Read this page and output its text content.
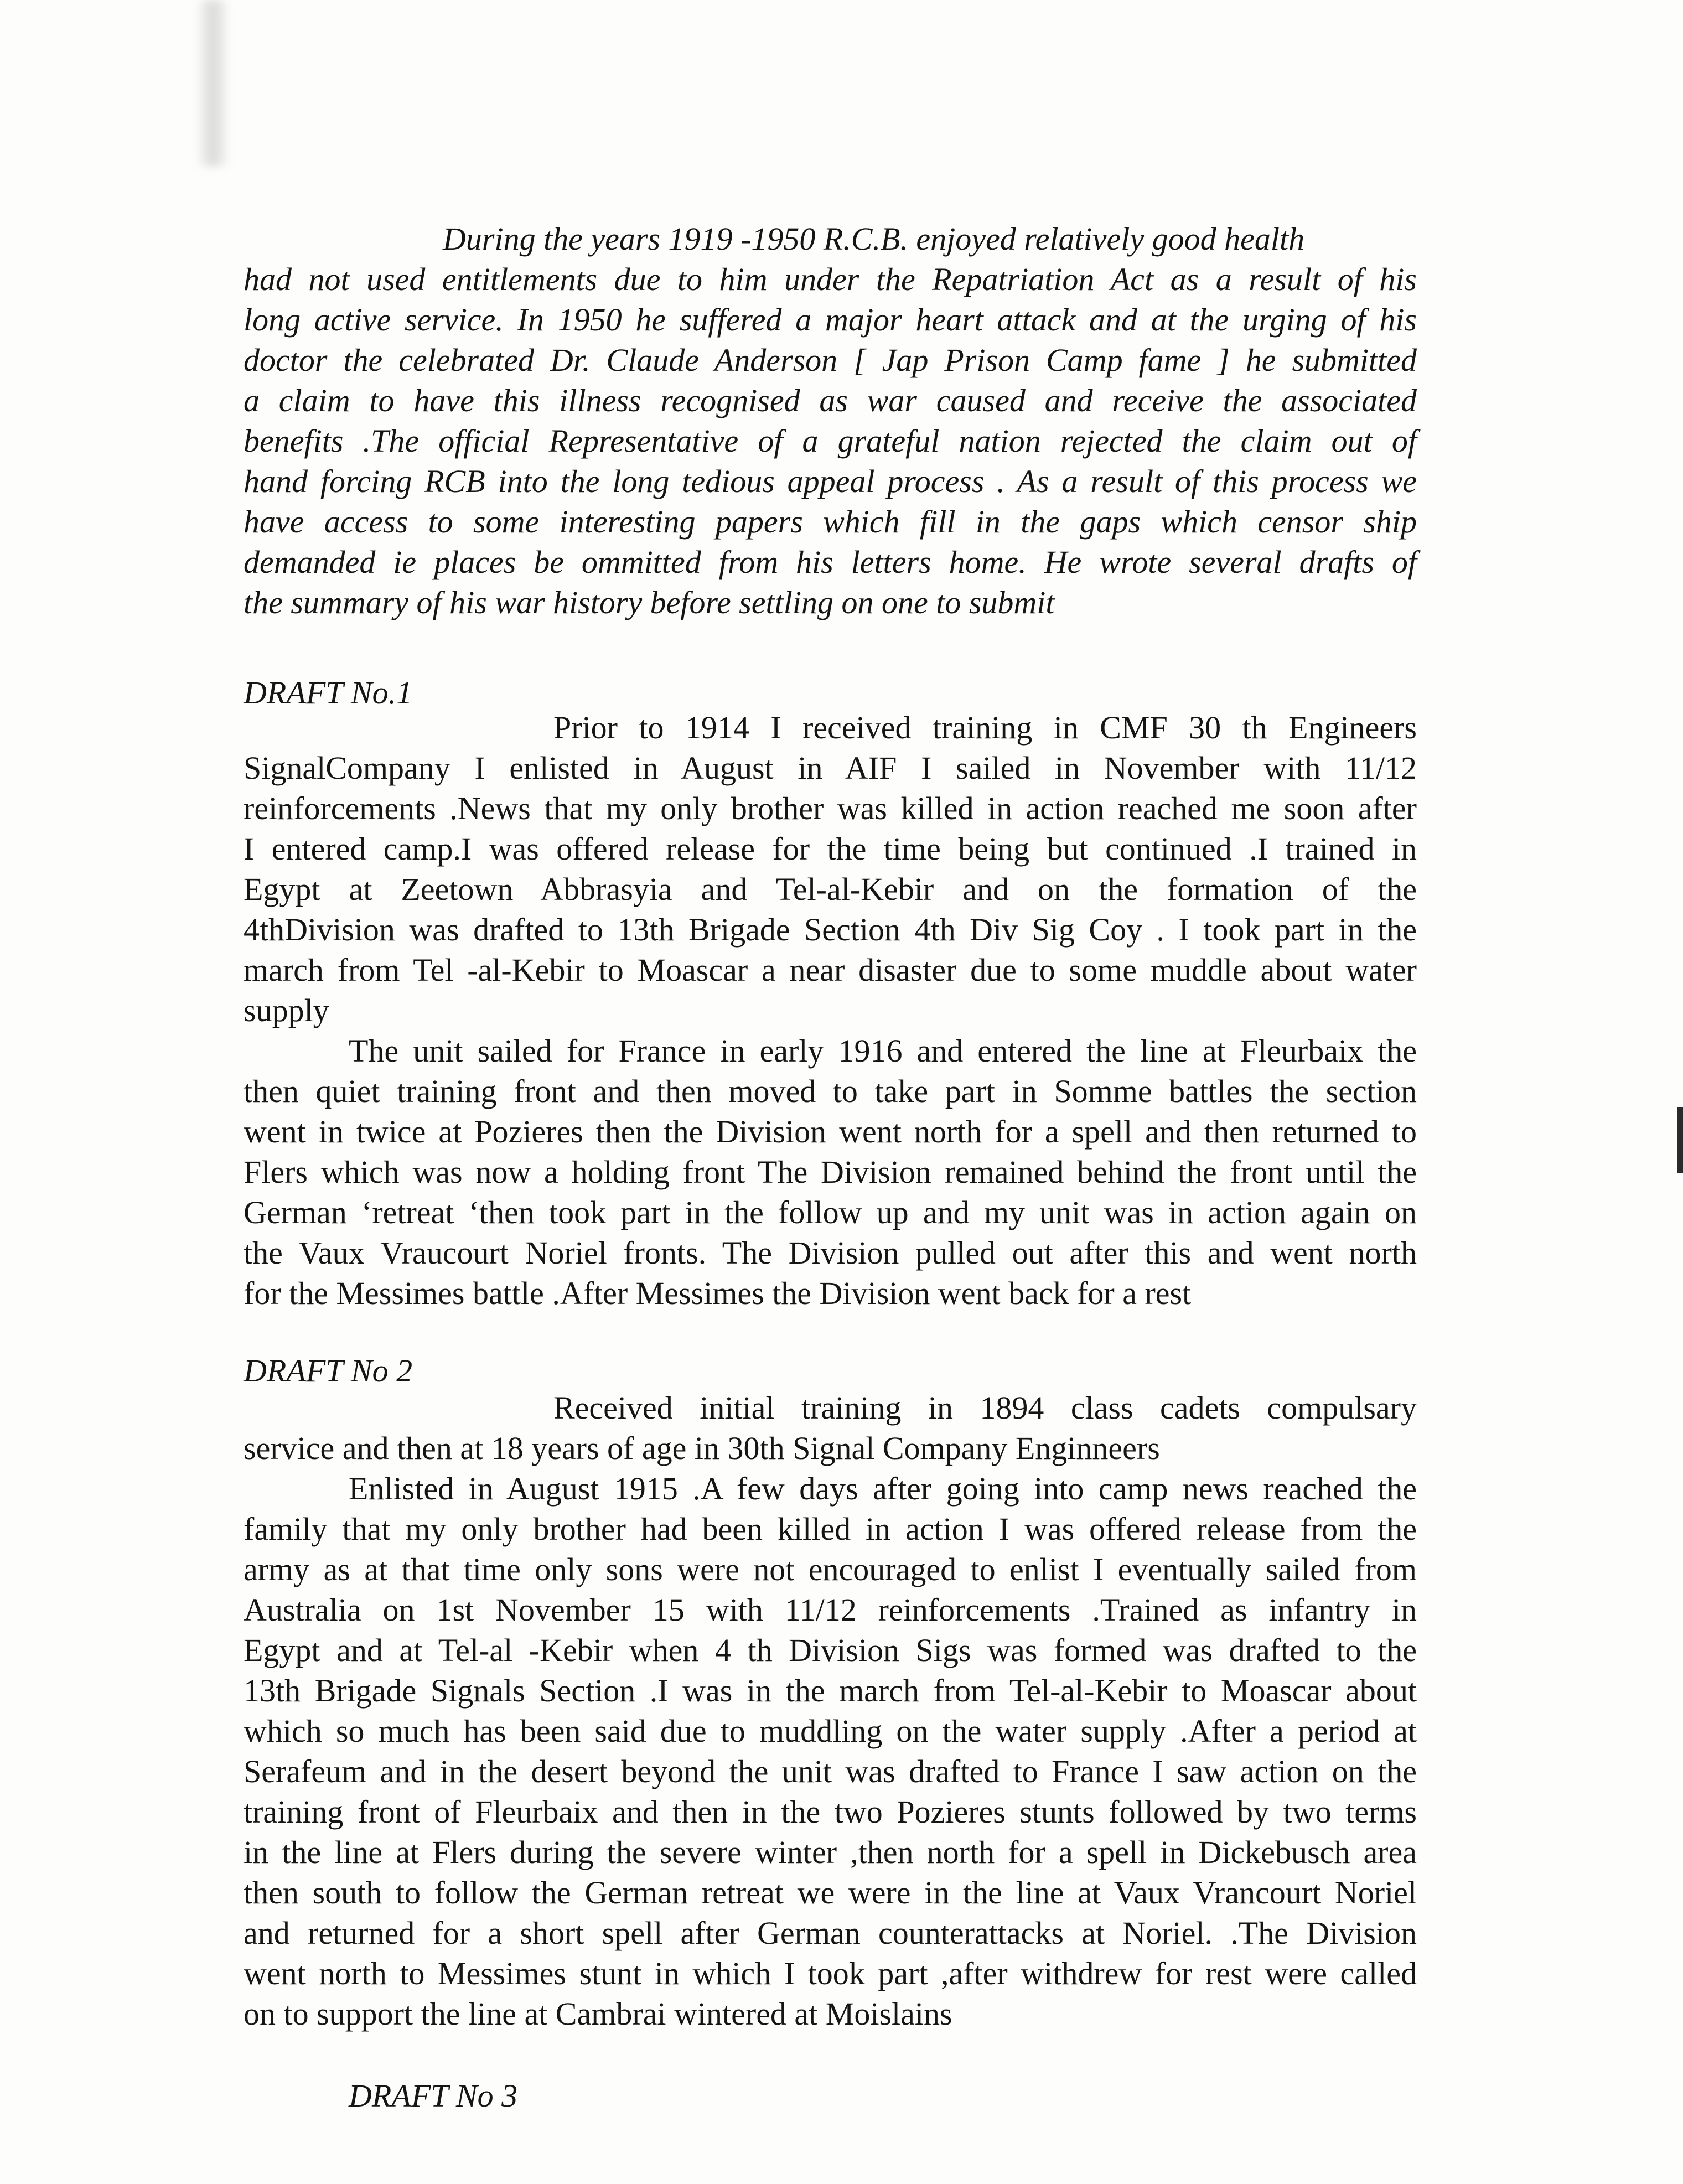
During the years 1919 -1950 R.C.B. enjoyed relatively good health
had not used entitlements due to him under the Repatriation Act as a result of his
long active service. In 1950 he suffered a major heart attack and at the urging of his
doctor the celebrated Dr. Claude Anderson [ Jap Prison Camp fame ] he submitted
a claim to have this illness recognised as war caused and receive the associated
benefits .The official Representative of a grateful nation rejected the claim out of
hand forcing RCB into the long tedious appeal process . As a result of this process we
have access to some interesting papers which fill in the gaps which censor ship
demanded ie places be ommitted from his letters home. He wrote several drafts of
the summary of his war history before settling on one to submit
DRAFT No.1
Prior to 1914 I received training in CMF 30 th Engineers
SignalCompany I enlisted in August in AIF I sailed in November with 11/12
reinforcements .News that my only brother was killed in action reached me soon after
I entered camp.I was offered release for the time being but continued .I trained in
Egypt at Zeetown Abbrasyia and Tel-al-Kebir and on the formation of the
4thDivision was drafted to 13th Brigade Section 4th Div Sig Coy . I took part in the
march from Tel -al-Kebir to Moascar a near disaster due to some muddle about water
supply
The unit sailed for France in early 1916 and entered the line at Fleurbaix the
then quiet training front and then moved to take part in Somme battles the section
went in twice at Pozieres then the Division went north for a spell and then returned to
Flers which was now a holding front The Division remained behind the front until the
German ‘retreat ‘then took part in the follow up and my unit was in action again on
the Vaux Vraucourt Noriel fronts. The Division pulled out after this and went north
for the Messimes battle .After Messimes the Division went back for a rest
DRAFT No 2
Received initial training in 1894 class cadets compulsary
service and then at 18 years of age in 30th Signal Company Enginneers
Enlisted in August 1915 .A few days after going into camp news reached the
family that my only brother had been killed in action I was offered release from the
army as at that time only sons were not encouraged to enlist I eventually sailed from
Australia on 1st November 15 with 11/12 reinforcements .Trained as infantry in
Egypt and at Tel-al -Kebir when 4 th Division Sigs was formed was drafted to the
13th Brigade Signals Section .I was in the march from Tel-al-Kebir to Moascar about
which so much has been said due to muddling on the water supply .After a period at
Serafeum and in the desert beyond the unit was drafted to France I saw action on the
training front of Fleurbaix and then in the two Pozieres stunts followed by two terms
in the line at Flers during the severe winter ,then north for a spell in Dickebusch area
then south to follow the German retreat we were in the line at Vaux Vrancourt Noriel
and returned for a short spell after German counterattacks at Noriel. .The Division
went north to Messimes stunt in which I took part ,after withdrew for rest were called
on to support the line at Cambrai wintered at Moislains
DRAFT No 3
